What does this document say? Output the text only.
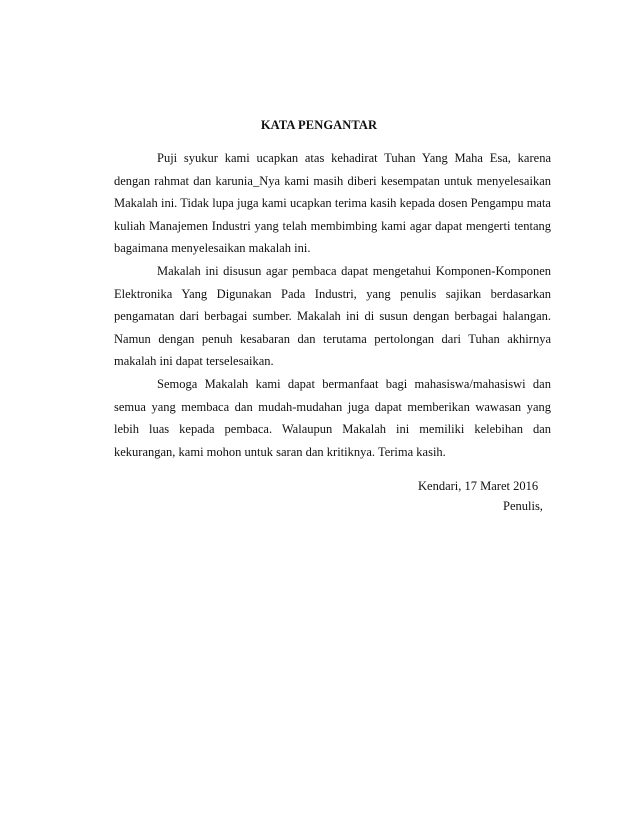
KATA PENGANTAR

Puji syukur kami ucapkan atas kehadirat Tuhan Yang Maha Esa, karena dengan rahmat dan karunia_Nya kami masih diberi kesempatan untuk menyelesaikan Makalah ini. Tidak lupa juga kami ucapkan terima kasih kepada dosen Pengampu mata kuliah Manajemen Industri yang telah membimbing kami agar dapat mengerti tentang bagaimana menyelesaikan makalah ini.

Makalah ini disusun agar pembaca dapat mengetahui Komponen-Komponen Elektronika Yang Digunakan Pada Industri, yang penulis sajikan berdasarkan pengamatan dari berbagai sumber. Makalah ini di susun dengan berbagai halangan. Namun dengan penuh kesabaran dan terutama pertolongan dari Tuhan akhirnya makalah ini dapat terselesaikan.

Semoga Makalah kami dapat bermanfaat bagi mahasiswa/mahasiswi dan semua yang membaca dan mudah-mudahan juga dapat memberikan wawasan yang lebih luas kepada pembaca. Walaupun Makalah ini memiliki kelebihan dan kekurangan, kami mohon untuk saran dan kritiknya. Terima kasih.

Kendari, 17 Maret 2016
Penulis,
